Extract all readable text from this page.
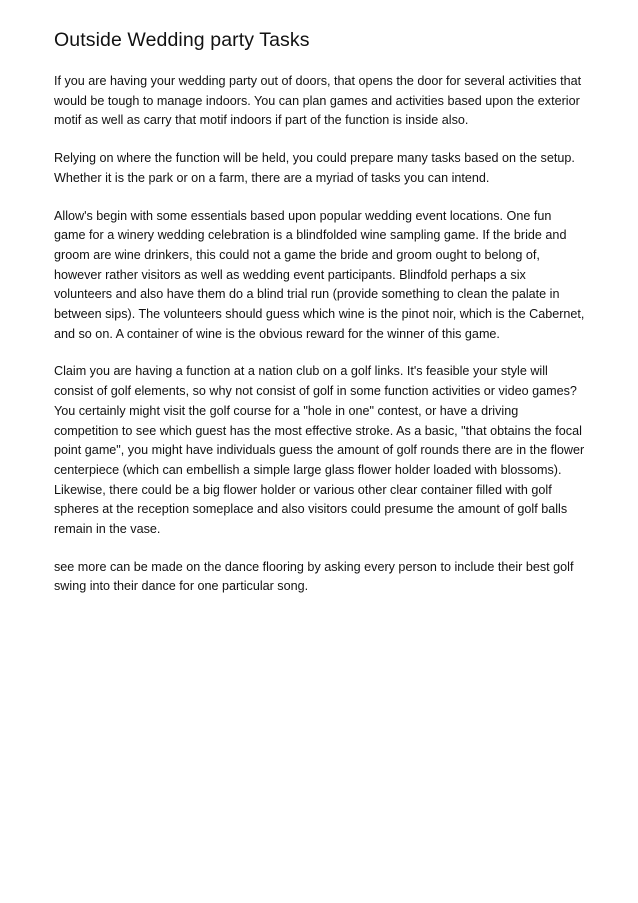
Outside Wedding party Tasks

If you are having your wedding party out of doors, that opens the door for several activities that would be tough to manage indoors. You can plan games and activities based upon the exterior motif as well as carry that motif indoors if part of the function is inside also.

Relying on where the function will be held, you could prepare many tasks based on the setup. Whether it is the park or on a farm, there are a myriad of tasks you can intend.

Allow's begin with some essentials based upon popular wedding event locations. One fun game for a winery wedding celebration is a blindfolded wine sampling game. If the bride and groom are wine drinkers, this could not a game the bride and groom ought to belong of, however rather visitors as well as wedding event participants. Blindfold perhaps a six volunteers and also have them do a blind trial run (provide something to clean the palate in between sips). The volunteers should guess which wine is the pinot noir, which is the Cabernet, and so on. A container of wine is the obvious reward for the winner of this game.

Claim you are having a function at a nation club on a golf links. It's feasible your style will consist of golf elements, so why not consist of golf in some function activities or video games? You certainly might visit the golf course for a "hole in one" contest, or have a driving competition to see which guest has the most effective stroke. As a basic, "that obtains the focal point game", you might have individuals guess the amount of golf rounds there are in the flower centerpiece (which can embellish a simple large glass flower holder loaded with blossoms). Likewise, there could be a big flower holder or various other clear container filled with golf spheres at the reception someplace and also visitors could presume the amount of golf balls remain in the vase.

see more can be made on the dance flooring by asking every person to include their best golf swing into their dance for one particular song.
